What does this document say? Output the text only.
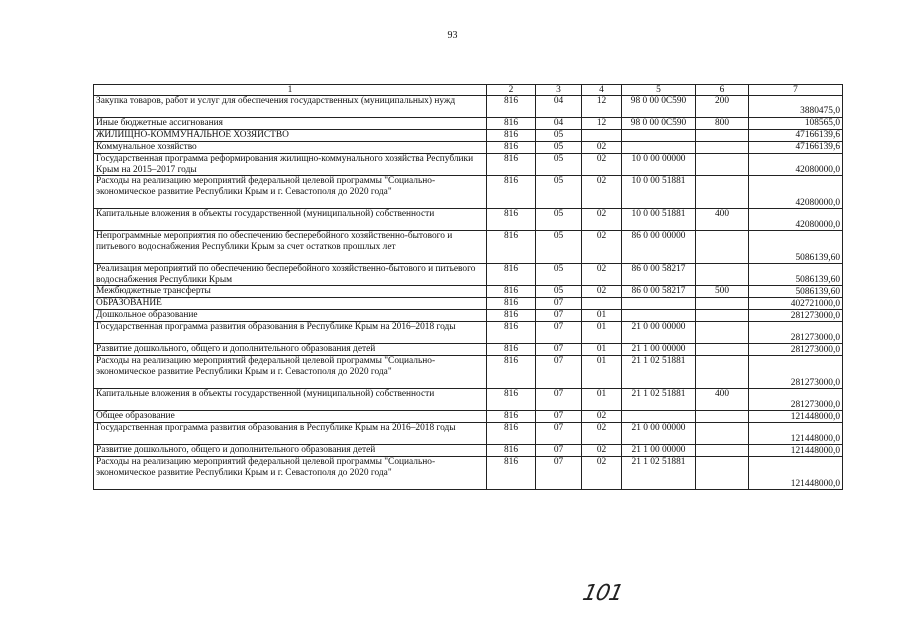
93
1	2	3	4	5	6	7
Закупка товаров, работ и услуг для обеспечения государственных (муниципальных) нужд	816	04	12	98 0 00 0С590	200	3880475,0
Иные бюджетные ассигнования	816	04	12	98 0 00 0С590	800	108565,0
ЖИЛИЩНО-КОММУНАЛЬНОЕ ХОЗЯЙСТВО	816	05				47166139,6
Коммунальное хозяйство	816	05	02			47166139,6
Государственная программа реформирования жилищно-коммунального хозяйства Республики Крым на 2015–2017 годы	816	05	02	10 0 00 00000		42080000,0
Расходы на реализацию мероприятий федеральной целевой программы "Социально-экономическое развитие Республики Крым и г. Севастополя до 2020 года"	816	05	02	10 0 00 51881		42080000,0
Капитальные вложения в объекты государственной (муниципальной) собственности	816	05	02	10 0 00 51881	400	42080000,0
Непрограммные мероприятия по обеспечению бесперебойного хозяйственно-бытового и питьевого водоснабжения Республики Крым за счет остатков прошлых лет	816	05	02	86 0 00 00000		5086139,60
Реализация мероприятий по обеспечению бесперебойного хозяйственно-бытового и питьевого водоснабжения Республики Крым	816	05	02	86 0 00 58217		5086139,60
Межбюджетные трансферты	816	05	02	86 0 00 58217	500	5086139,60
ОБРАЗОВАНИЕ	816	07				402721000,0
Дошкольное образование	816	07	01			281273000,0
Государственная программа развития образования в Республике Крым на 2016–2018 годы	816	07	01	21 0 00 00000		281273000,0
Развитие дошкольного, общего и дополнительного образования детей	816	07	01	21 1 00 00000		281273000,0
Расходы на реализацию мероприятий федеральной целевой программы "Социально-экономическое развитие Республики Крым и г. Севастополя до 2020 года"	816	07	01	21 1 02 51881		281273000,0
Капитальные вложения в объекты государственной (муниципальной) собственности	816	07	01	21 1 02 51881	400	281273000,0
Общее образование	816	07	02			121448000,0
Государственная программа развития образования в Республике Крым на 2016–2018 годы	816	07	02	21 0 00 00000		121448000,0
Развитие дошкольного, общего и дополнительного образования детей	816	07	02	21 1 00 00000		121448000,0
Расходы на реализацию мероприятий федеральной целевой программы "Социально-экономическое развитие Республики Крым и г. Севастополя до 2020 года"	816	07	02	21 1 02 51881		121448000,0
101
